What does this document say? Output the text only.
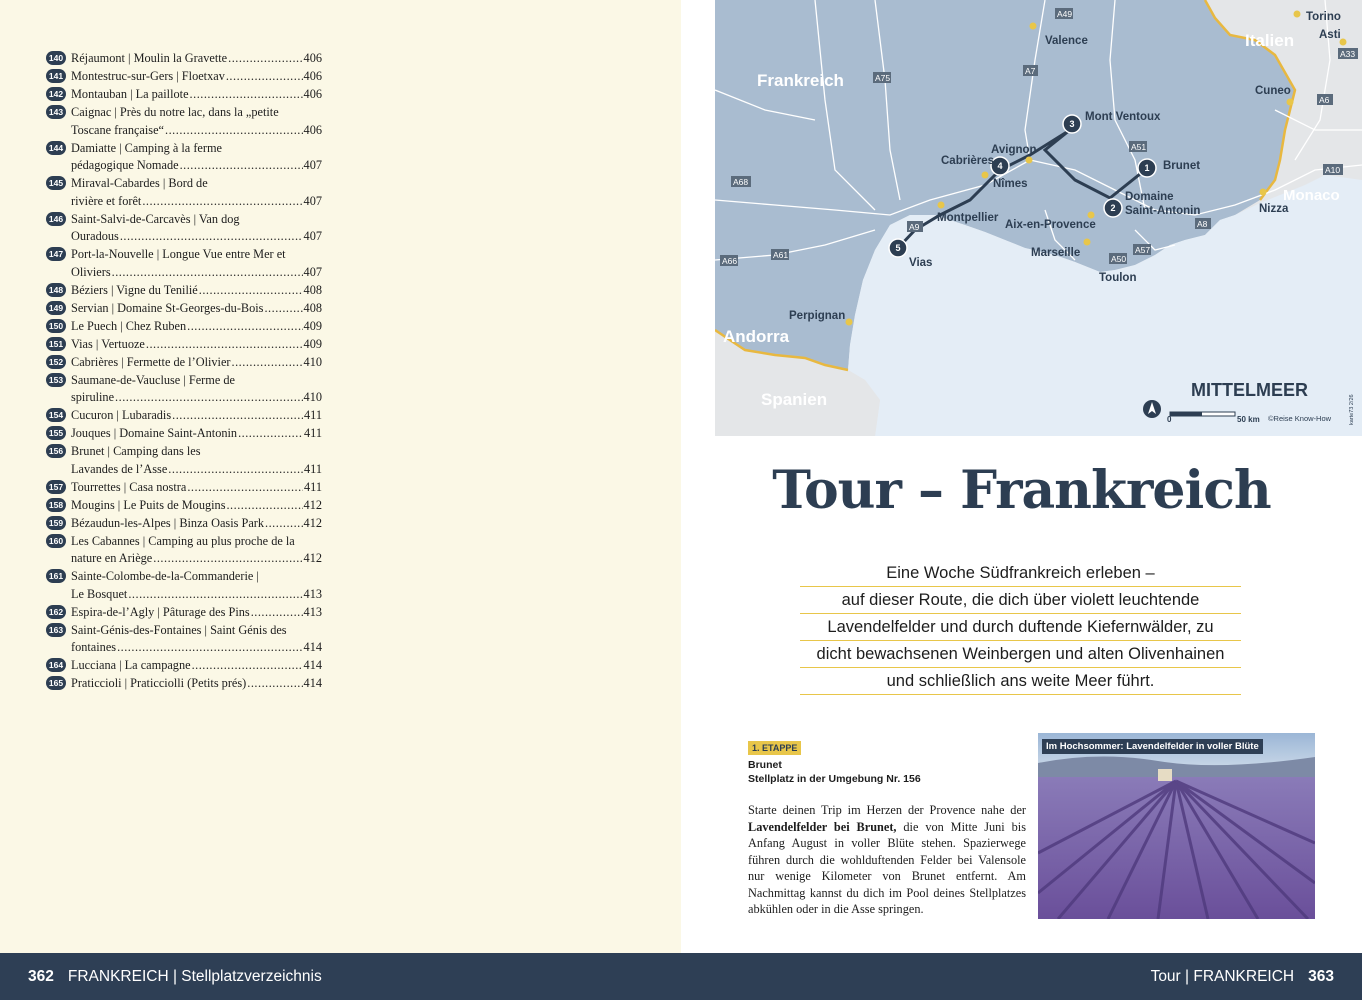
140 Réjaumont | Moulin la Gravette .....	406
141 Montestruc-sur-Gers | Floetxav .....	406
142 Montauban | La paillote .....	406
143 Caignac | Près du notre lac, dans la „petite
Toscane française“ .....	406
144 Damiatte | Camping à la ferme
pédagogique Nomade .....	407
145 Miraval-Cabardes | Bord de
rivière et forêt .....	407
146 Saint-Salvi-de-Carcavès | Van dog
Ouradous .....	407
147 Port-la-Nouvelle | Longue Vue entre Mer et
Oliviers .....	407
148 Béziers | Vigne du Tenilié .....	408
149 Servian | Domaine St-Georges-du-Bois .....	408
150 Le Puech | Chez Ruben .....	409
151 Vias | Vertuoze .....	409
152 Cabrières | Fermette de l’Olivier .....	410
153 Saumane-de-Vaucluse | Ferme de
spiruline .....	410
154 Cucuron | Lubaradis .....	411
155 Jouques | Domaine Saint-Antonin .....	411
156 Brunet | Camping dans les
Lavandes de l’Asse .....	411
157 Tourrettes | Casa nostra .....	411
158 Mougins | Le Puits de Mougins .....	412
159 Bézaudun-les-Alpes | Binza Oasis Park .....	412
160 Les Cabannes | Camping au plus proche de la
nature en Ariège .....	412
161 Sainte-Colombe-de-la-Commanderie |
Le Bosquet .....	413
162 Espira-de-l’Agly | Pâturage des Pins .....	413
163 Saint-Génis-des-Fontaines | Saint Génis des
fontaines .....	414
164 Lucciana | La campagne .....	414
165 Praticcioli | Praticciolli (Petits prés) .....	414
1
2
3
4
5
Frankreich
Italien
Andorra
Spanien
Monaco
MITTELMEER
Torino
Asti
Valence
Cuneo
Mont Ventoux
Avignon
Cabrières	Brunet
Nîmes
Domaine
Saint-Antonin
Montpellier
Aix-en-Provence
Nizza
Marseille
Vias
Toulon
Perpignan
A49
A7
A75
A33
A6
A51
A10
A68
A9	A8
A61
A66
A57
A50
0	50 km ©Reise Know-How	karte73 2/26
Tour – Frankreich
Eine Woche Südfrankreich erleben –
auf dieser Route, die dich über violett leuchtende
Lavendelfelder und durch duftende Kiefernwälder, zu
dicht bewachsenen Weinbergen und alten Olivenhainen
und schließlich ans weite Meer führt.
1. ETAPPE
Brunet
Stellplatz in der Umgebung Nr. 156

Starte deinen Trip im Herzen der Provence nahe der Lavendelfelder bei Brunet, die von Mitte Juni bis Anfang August in voller Blüte stehen. Spazierwege führen durch die wohlduftenden Felder bei Valensole nur wenige Kilometer von Brunet entfernt. Am Nachmittag kannst du dich im Pool deines Stellplatzes abkühlen oder in die Asse springen.

Im Hochsommer: Lavendelfelder in voller Blüte
362 FRANKREICH | Stellplatzverzeichnis	Tour | FRANKREICH 363
